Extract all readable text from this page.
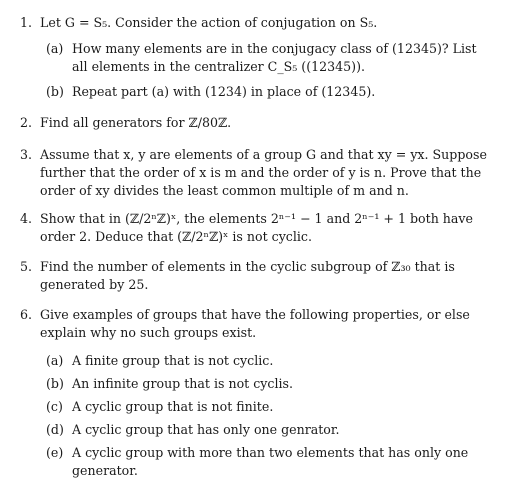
1. Let G = S₅. Consider the action of conjugation on S₅.
(a) How many elements are in the conjugacy class of (12345)? List
all elements in the centralizer C_S₅ ((12345)).
(b) Repeat part (a) with (1234) in place of (12345).
2. Find all generators for ℤ/80ℤ.
3. Assume that x, y are elements of a group G and that xy = yx. Suppose
further that the order of x is m and the order of y is n. Prove that the
order of xy divides the least common multiple of m and n.
4. Show that in (ℤ/2ⁿℤ)ˣ, the elements 2ⁿ⁻¹ − 1 and 2ⁿ⁻¹ + 1 both have
order 2. Deduce that (ℤ/2ⁿℤ)ˣ is not cyclic.
5. Find the number of elements in the cyclic subgroup of ℤ₃₀ that is
generated by 25.
6. Give examples of groups that have the following properties, or else
explain why no such groups exist.
(a) A finite group that is not cyclic.
(b) An infinite group that is not cyclis.
(c) A cyclic group that is not finite.
(d) A cyclic group that has only one genrator.
(e) A cyclic group with more than two elements that has only one
generator.
